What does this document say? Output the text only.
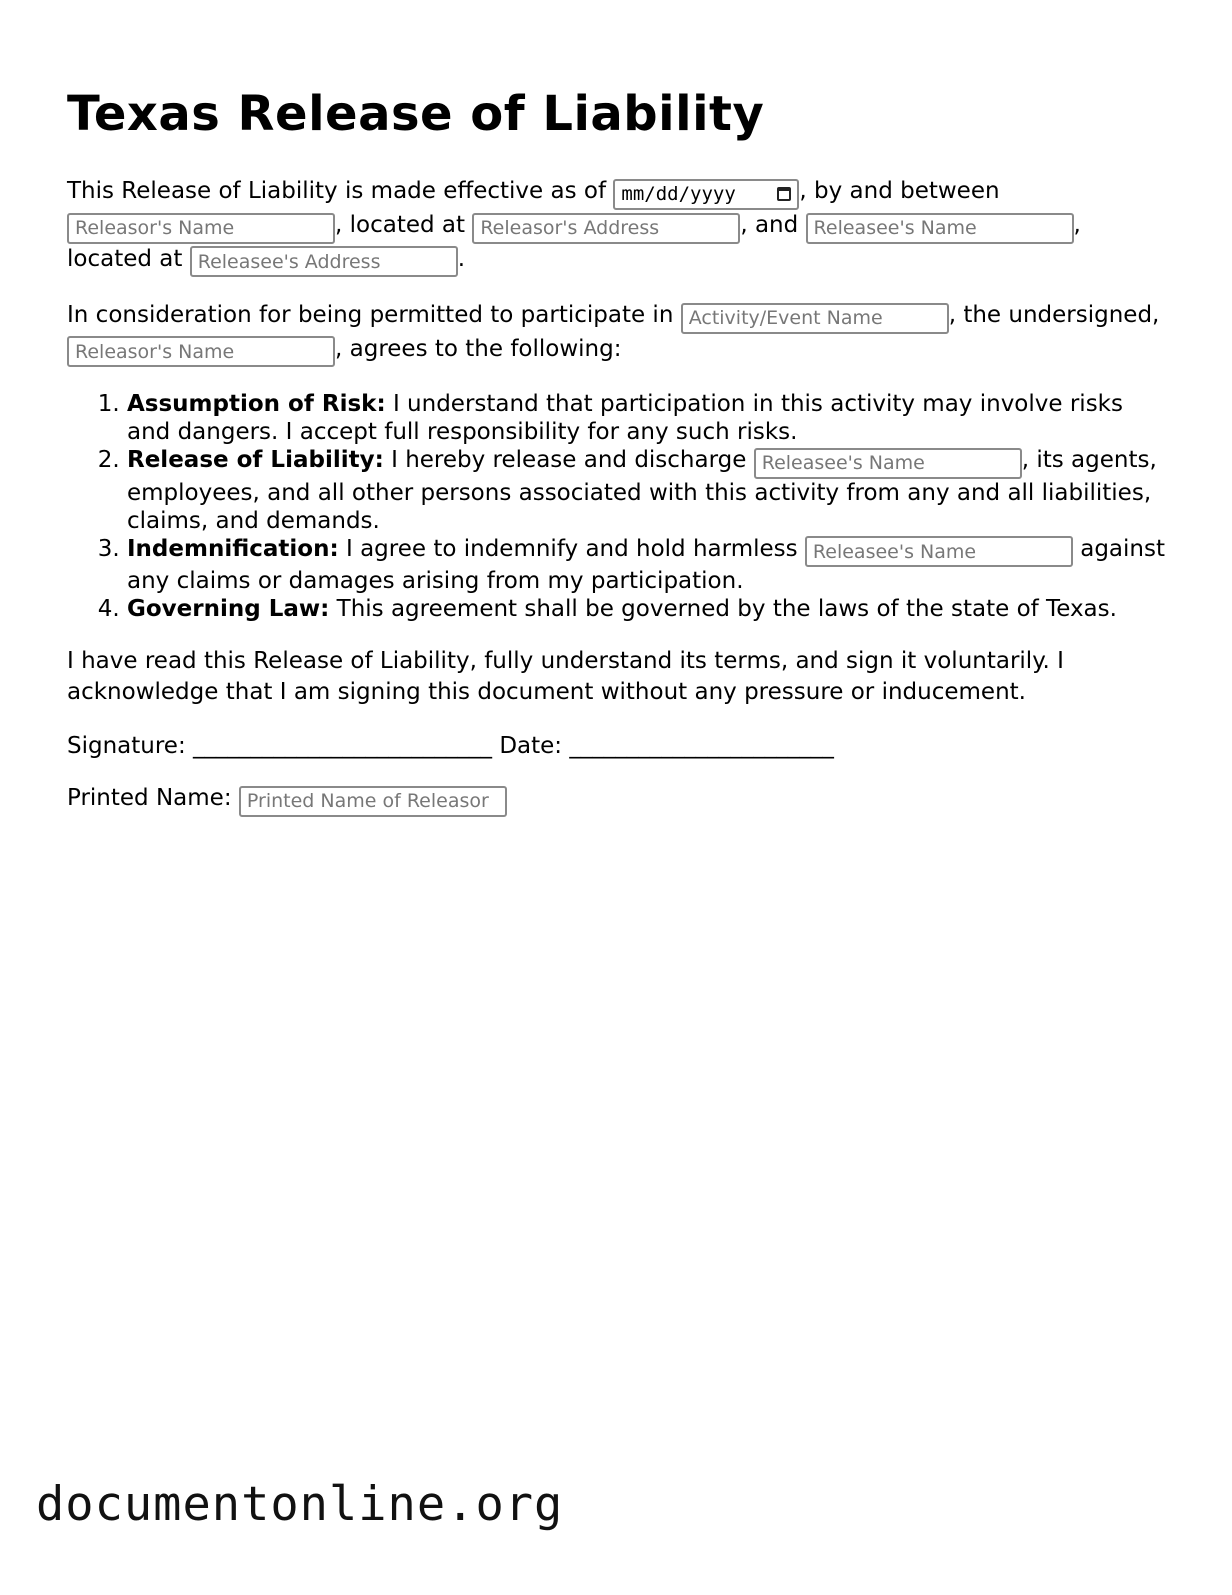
Texas Release of Liability

This Release of Liability is made effective as of mm/dd/yyyy	, by and between Releasor's Name, located at Releasor's Address	, and Releasee's Name	, located at Releasee's Address	.

In consideration for being permitted to participate in Activity/Event Name	, the undersigned, Releasor's Name, agrees to the following:

1. Assumption of Risk: I understand that participation in this activity may involve risks and dangers. I accept full responsibility for any such risks.
2. Release of Liability: I hereby release and discharge Releasee's Name	, its agents, employees, and all other persons associated with this activity from any and all liabilities, claims, and demands.
3. Indemnification: I agree to indemnify and hold harmless Releasee's Name	against any claims or damages arising from my participation.
4. Governing Law: This agreement shall be governed by the laws of the state of Texas.

I have read this Release of Liability, fully understand its terms, and sign it voluntarily. I acknowledge that I am signing this document without any pressure or inducement.

Signature: __________________________ Date: _______________________

Printed Name: Printed Name of Releasor

documentonline.org
